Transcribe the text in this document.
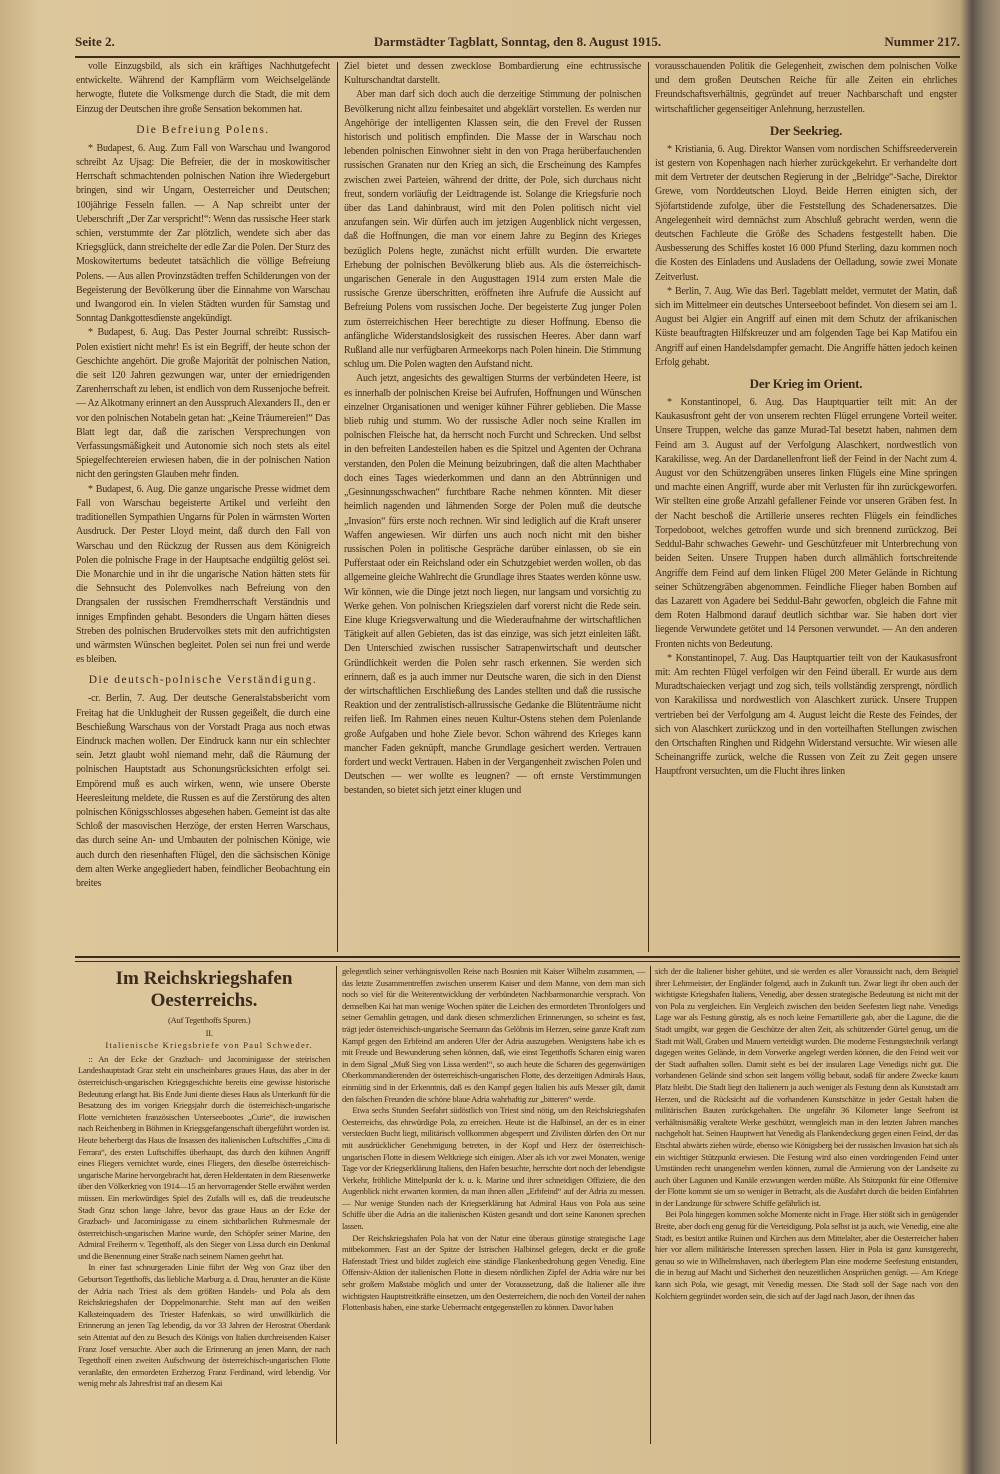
Seite 2.	Darmstädter Tagblatt, Sonntag, den 8. August 1915.	Nummer 217.

volle Einzugsbild, als sich ein kräftiges Nachhutgefecht entwickelte. Während der Kampflärm vom Weichselgelände herwogte, flutete die Volksmenge durch die Stadt, die mit dem Einzug der Deutschen ihre große Sensation bekommen hat.

Die Befreiung Polens.

* Budapest, 6. Aug. Zum Fall von Warschau und Iwangorod schreibt Az Ujsag: Die Befreier, die der in moskowitischer Herrschaft schmachtenden polnischen Nation ihre Wiedergeburt bringen, sind wir Ungarn, Oesterreicher und Deutschen; 100jährige Fesseln fallen. — A Nap schreibt unter der Ueberschrift „Der Zar verspricht!“: Wenn das russische Heer stark schien, verstummte der Zar plötzlich, wendete sich aber das Kriegsglück, dann streichelte der edle Zar die Polen. Der Sturz des Moskowitertums bedeutet tatsächlich die völlige Befreiung Polens. — Aus allen Provinzstädten treffen Schilderungen von der Begeisterung der Bevölkerung über die Einnahme von Warschau und Iwangorod ein. In vielen Städten wurden für Samstag und Sonntag Dankgottesdienste angekündigt.

* Budapest, 6. Aug. Das Pester Journal schreibt: Russisch-Polen existiert nicht mehr! Es ist ein Begriff, der heute schon der Geschichte angehört. Die große Majorität der polnischen Nation, die seit 120 Jahren gezwungen war, unter der erniedrigenden Zarenherrschaft zu leben, ist endlich von dem Russenjoche befreit. — Az Alkotmany erinnert an den Ausspruch Alexanders II., den er vor den polnischen Notabeln getan hat: „Keine Träumereien!“ Das Blatt legt dar, daß die zarischen Versprechungen von Verfassungsmäßigkeit und Autonomie sich noch stets als eitel Spiegelfechtereien erwiesen haben, die in der polnischen Nation nicht den geringsten Glauben mehr finden.

* Budapest, 6. Aug. Die ganze ungarische Presse widmet dem Fall von Warschau begeisterte Artikel und verleiht den traditionellen Sympathien Ungarns für Polen in wärmsten Worten Ausdruck. Der Pester Lloyd meint, daß durch den Fall von Warschau und den Rückzug der Russen aus dem Königreich Polen die polnische Frage in der Hauptsache endgültig gelöst sei. Die Monarchie und in ihr die ungarische Nation hätten stets für die Sehnsucht des Polenvolkes nach Befreiung von den Drangsalen der russischen Fremdherrschaft Verständnis und inniges Empfinden gehabt. Besonders die Ungarn hätten dieses Streben des polnischen Brudervolkes stets mit den aufrichtigsten und wärmsten Wünschen begleitet. Polen sei nun frei und werde es bleiben.

Die deutsch-polnische Verständigung.

-cr. Berlin, 7. Aug. Der deutsche Generalstabsbericht vom Freitag hat die Unklugheit der Russen gegeißelt, die durch eine Beschießung Warschaus von der Vorstadt Praga aus noch etwas Eindruck machen wollen. Der Eindruck kann nur ein schlechter sein. Jetzt glaubt wohl niemand mehr, daß die Räumung der polnischen Hauptstadt aus Schonungsrücksichten erfolgt sei. Empörend muß es auch wirken, wenn, wie unsere Oberste Heeresleitung meldete, die Russen es auf die Zerstörung des alten polnischen Königsschlosses abgesehen haben. Gemeint ist das alte Schloß der masovischen Herzöge, der ersten Herren Warschaus, das durch seine An- und Umbauten der polnischen Könige, wie auch durch den riesenhaften Flügel, den die sächsischen Könige dem alten Werke angegliedert haben, feindlicher Beobachtung ein breites

Ziel bietet und dessen zwecklose Bombardierung eine echtrussische Kulturschandtat darstellt.

Aber man darf sich doch auch die derzeitige Stimmung der polnischen Bevölkerung nicht allzu feinbesaitet und abgeklärt vorstellen. Es werden nur Angehörige der intelligenten Klassen sein, die den Frevel der Russen historisch und politisch empfinden. Die Masse der in Warschau noch lebenden polnischen Einwohner sieht in den von Praga herüberfauchenden russischen Granaten nur den Krieg an sich, die Erscheinung des Kampfes zwischen zwei Parteien, während der dritte, der Pole, sich durchaus nicht freut, sondern vorläufig der Leidtragende ist. Solange die Kriegsfurie noch über das Land dahinbraust, wird mit den Polen politisch nicht viel anzufangen sein. Wir dürfen auch im jetzigen Augenblick nicht vergessen, daß die Hoffnungen, die man vor einem Jahre zu Beginn des Krieges bezüglich Polens hegte, zunächst nicht erfüllt wurden. Die erwartete Erhebung der polnischen Bevölkerung blieb aus. Als die österreichisch-ungarischen Generale in den Augusttagen 1914 zum ersten Male die russische Grenze überschritten, eröffneten ihre Aufrufe die Aussicht auf Befreiung Polens vom russischen Joche. Der begeisterte Zug junger Polen zum österreichischen Heer berechtigte zu dieser Hoffnung. Ebenso die anfängliche Widerstandslosigkeit des russischen Heeres. Aber dann warf Rußland alle nur verfügbaren Armeekorps nach Polen hinein. Die Stimmung schlug um. Die Polen wagten den Aufstand nicht.

Auch jetzt, angesichts des gewaltigen Sturms der verbündeten Heere, ist es innerhalb der polnischen Kreise bei Aufrufen, Hoffnungen und Wünschen einzelner Organisationen und weniger kühner Führer geblieben. Die Masse blieb ruhig und stumm. Wo der russische Adler noch seine Krallen im polnischen Fleische hat, da herrscht noch Furcht und Schrecken. Und selbst in den befreiten Landesteilen haben es die Spitzel und Agenten der Ochrana verstanden, den Polen die Meinung beizubringen, daß die alten Machthaber doch eines Tages wiederkommen und dann an den Abtrünnigen und „Gesinnungsschwachen“ furchtbare Rache nehmen könnten. Mit dieser heimlich nagenden und lähmenden Sorge der Polen muß die deutsche „Invasion“ fürs erste noch rechnen. Wir sind lediglich auf die Kraft unserer Waffen angewiesen. Wir dürfen uns auch noch nicht mit den bisher russischen Polen in politische Gespräche darüber einlassen, ob sie ein Pufferstaat oder ein Reichsland oder ein Schutzgebiet werden wollen, ob das allgemeine gleiche Wahlrecht die Grundlage ihres Staates werden könne usw. Wir können, wie die Dinge jetzt noch liegen, nur langsam und vorsichtig zu Werke gehen. Von polnischen Kriegszielen darf vorerst nicht die Rede sein. Eine kluge Kriegsverwaltung und die Wiederaufnahme der wirtschaftlichen Tätigkeit auf allen Gebieten, das ist das einzige, was sich jetzt einleiten läßt. Den Unterschied zwischen russischer Satrapenwirtschaft und deutscher Gründlichkeit werden die Polen sehr rasch erkennen. Sie werden sich erinnern, daß es ja auch immer nur Deutsche waren, die sich in den Dienst der wirtschaftlichen Erschließung des Landes stellten und daß die russische Reaktion und der zentralistisch-allrussische Gedanke die Blütenträume nicht reifen ließ. Im Rahmen eines neuen Kultur-Ostens stehen dem Polenlande große Aufgaben und hohe Ziele bevor. Schon während des Krieges kann mancher Faden geknüpft, manche Grundlage gesichert werden. Vertrauen fordert und weckt Vertrauen. Haben in der Vergangenheit zwischen Polen und Deutschen — wer wollte es leugnen? — oft ernste Verstimmungen bestanden, so bietet sich jetzt einer klugen und

vorausschauenden Politik die Gelegenheit, zwischen dem polnischen Volke und dem großen Deutschen Reiche für alle Zeiten ein ehrliches Freundschaftsverhältnis, gegründet auf treuer Nachbarschaft und engster wirtschaftlicher gegenseitiger Anlehnung, herzustellen.

Der Seekrieg.

* Kristiania, 6. Aug. Direktor Wansen vom nordischen Schiffsreederverein ist gestern von Kopenhagen nach hierher zurückgekehrt. Er verhandelte dort mit dem Vertreter der deutschen Regierung in der „Belridge“-Sache, Direktor Grewe, vom Norddeutschen Lloyd. Beide Herren einigten sich, der Sjöfartstidende zufolge, über die Feststellung des Schadenersatzes. Die Angelegenheit wird demnächst zum Abschluß gebracht werden, wenn die deutschen Fachleute die Größe des Schadens festgestellt haben. Die Ausbesserung des Schiffes kostet 16 000 Pfund Sterling, dazu kommen noch die Kosten des Einladens und Ausladens der Oelladung, sowie zwei Monate Zeitverlust.

* Berlin, 7. Aug. Wie das Berl. Tageblatt meldet, vermutet der Matin, daß sich im Mittelmeer ein deutsches Unterseeboot befindet. Von diesem sei am 1. August bei Algier ein Angriff auf einen mit dem Schutz der afrikanischen Küste beauftragten Hilfskreuzer und am folgenden Tage bei Kap Matifou ein Angriff auf einen Handelsdampfer gemacht. Die Angriffe hätten jedoch keinen Erfolg gehabt.

Der Krieg im Orient.

* Konstantinopel, 6. Aug. Das Hauptquartier teilt mit: An der Kaukasusfront geht der von unserem rechten Flügel errungene Vorteil weiter. Unsere Truppen, welche das ganze Murad-Tal besetzt haben, nahmen dem Feind am 3. August auf der Verfolgung Alaschkert, nordwestlich von Karakilisse, weg. An der Dardanellenfront ließ der Feind in der Nacht zum 4. August vor den Schützengräben unseres linken Flügels eine Mine springen und machte einen Angriff, wurde aber mit Verlusten für ihn zurückgeworfen. Wir stellten eine große Anzahl gefallener Feinde vor unseren Gräben fest. In der Nacht beschoß die Artillerie unseres rechten Flügels ein feindliches Torpedoboot, welches getroffen wurde und sich brennend zurückzog. Bei Seddul-Bahr schwaches Gewehr- und Geschützfeuer mit Unterbrechung von beiden Seiten. Unsere Truppen haben durch allmählich fortschreitende Angriffe dem Feind auf dem linken Flügel 200 Meter Gelände in Richtung seiner Schützengräben abgenommen. Feindliche Flieger haben Bomben auf das Lazarett von Agadere bei Seddul-Bahr geworfen, obgleich die Fahne mit dem Roten Halbmond darauf deutlich sichtbar war. Sie haben dort vier liegende Verwundete getötet und 14 Personen verwundet. — An den anderen Fronten nichts von Bedeutung.

* Konstantinopel, 7. Aug. Das Hauptquartier teilt von der Kaukasusfront mit: Am rechten Flügel verfolgen wir den Feind überall. Er wurde aus dem Muradtschaiecken verjagt und zog sich, teils vollständig zersprengt, nördlich von Karakilissa und nordwestlich von Alaschkert zurück. Unsere Truppen vertrieben bei der Verfolgung am 4. August leicht die Reste des Feindes, der sich von Alaschkert zurückzog und in den vorteilhaften Stellungen zwischen den Ortschaften Ringhen und Ridgehn Widerstand versuchte. Wir wiesen alle Scheinangriffe zurück, welche die Russen von Zeit zu Zeit gegen unsere Hauptfront versuchten, um die Flucht ihres linken

Im Reichskriegshafen Oesterreichs.

(Auf Tegetthoffs Spuren.)

II.

Italienische Kriegsbriefe von Paul Schweder.

:: An der Ecke der Grazbach- und Jacominigasse der steirischen Landeshauptstadt Graz steht ein unscheinbares graues Haus, das aber in der österreichisch-ungarischen Kriegsgeschichte bereits eine gewisse historische Bedeutung erlangt hat. Bis Ende Juni diente dieses Haus als Unterkunft für die Besatzung des im vorigen Kriegsjahr durch die österreichisch-ungarische Flotte vernichteten französischen Unterseebootes „Curie“, die inzwischen nach Reichenberg in Böhmen in Kriegsgefangenschaft übergeführt worden ist. Heute beherbergt das Haus die Insassen des italienischen Luftschiffes „Citta di Ferrara“, des ersten Luftschiffes überhaupt, das durch den kühnen Angriff eines Fliegers vernichtet wurde, eines Fliegers, den dieselbe österreichisch-ungarische Marine hervorgebracht hat, deren Heldentaten in dem Riesenwerke über den Völkerkrieg von 1914—15 an hervorragender Stelle erwähnt werden müssen. Ein merkwürdiges Spiel des Zufalls will es, daß die treudeutsche Stadt Graz schon lange Jahre, bevor das graue Haus an der Ecke der Grazbach- und Jacominigasse zu einem sichtbarlichen Ruhmesmale der österreichisch-ungarischen Marine wurde, den Schöpfer seiner Marine, den Admiral Freiherrn v. Tegetthoff, als den Sieger von Lissa durch ein Denkmal und die Benennung einer Straße nach seinem Namen geehrt hat.

In einer fast schnurgeraden Linie führt der Weg von Graz über den Geburtsort Tegetthoffs, das liebliche Marburg a. d. Drau, herunter an die Küste der Adria nach Triest als dem größten Handels- und Pola als dem Reichskriegshafen der Doppelmonarchie. Steht man auf den weißen Kalksteinquadern des Triester Hafenkais, so wird unwillkürlich die Erinnerung an jenen Tag lebendig, da vor 33 Jahren der Herostrat Oberdank sein Attentat auf den zu Besuch des Königs von Italien durchreisenden Kaiser Franz Josef versuchte. Aber auch die Erinnerung an jenen Mann, der nach Tegetthoff einen zweiten Aufschwung der österreichisch-ungarischen Flotte veranlaßte, den ermordeten Erzherzog Franz Ferdinand, wird lebendig. Vor wenig mehr als Jahresfrist traf an diesem Kai

gelegentlich seiner verhängnisvollen Reise nach Bosnien mit Kaiser Wilhelm zusammen, — das letzte Zusammentreffen zwischen unserem Kaiser und dem Manne, von dem man sich noch so viel für die Weiterentwicklung der verbündeten Nachbarmonarchie versprach. Von demselben Kai hat man wenige Wochen später die Leichen des ermordeten Thronfolgers und seiner Gemahlin getragen, und dank diesen schmerzlichen Erinnerungen, so scheint es fast, trägt jeder österreichisch-ungarische Seemann das Gelöbnis im Herzen, seine ganze Kraft zum Kampf gegen den Erbfeind am anderen Ufer der Adria auszugeben. Wenigstens habe ich es mit Freude und Bewunderung sehen können, daß, wie einst Tegetthoffs Scharen einig waren in dem Signal „Muß Sieg von Lissa werden!“, so auch heute die Scharen des gegenwärtigen Oberkommandierenden der österreichisch-ungarischen Flotte, des derzeitigen Admirals Haus, einmütig sind in der Erkenntnis, daß es den Kampf gegen Italien bis aufs Messer gilt, damit den falschen Freunden die schöne blaue Adria wahrhaftig zur „bitteren“ werde.

Etwa sechs Stunden Seefahrt südöstlich von Triest sind nötig, um den Reichskriegshafen Oesterreichs, das ehrwürdige Pola, zu erreichen. Heute ist die Halbinsel, an der es in einer versteckten Bucht liegt, militärisch vollkommen abgesperrt und Zivilisten dürfen den Ort nur mit ausdrücklicher Genehmigung betreten, in der Kopf und Herz der österreichisch-ungarischen Flotte in diesem Weltkriege sich einigen. Aber als ich vor zwei Monaten, wenige Tage vor der Kriegserklärung Italiens, den Hafen besuchte, herrschte dort noch der lebendigste Verkehr, fröhliche Mittelpunkt der k. u. k. Marine und ihrer schneidigen Offiziere, die den Augenblick nicht erwarten konnten, da man ihnen allen „Erbfeind“ auf der Adria zu messen. — Nur wenige Stunden nach der Kriegserklärung hat Admiral Haus von Pola aus seine Schiffe über die Adria an die italienischen Küsten gesandt und dort seine Kanonen sprechen lassen.

Der Reichskriegshafen Pola hat von der Natur eine überaus günstige strategische Lage mitbekommen. Fast an der Spitze der Istrischen Halbinsel gelegen, deckt er die große Hafenstadt Triest und bildet zugleich eine ständige Flankenbedrohung gegen Venedig. Eine Offensiv-Aktion der italienischen Flotte in diesem nördlichen Zipfel der Adria wäre nur bei sehr großem Maßstabe möglich und unter der Voraussetzung, daß die Italiener alle ihre wichtigsten Hauptstreitkräfte einsetzen, um den Oesterreichern, die noch den Vorteil der nahen Flottenbasis haben, eine starke Uebermacht entgegenstellen zu können. Davor haben

sich der die Italiener bisher gehütet, und sie werden es aller Voraussicht nach, dem Beispiel ihrer Lehrmeister, der Engländer folgend, auch in Zukunft tun. Zwar liegt ihr oben auch der wichtigste Kriegshafen Italiens, Venedig, aber dessen strategische Bedeutung ist nicht mit der von Pola zu vergleichen. Ein Vergleich zwischen den beiden Seefesten liegt nahe. Venedigs Lage war als Festung günstig, als es noch keine Fernartillerie gab, aber die Lagune, die die Stadt umgibt, war gegen die Geschütze der alten Zeit, als schützender Gürtel genug, um die Stadt mit Wall, Graben und Mauern verteidigt wurden. Die moderne Festungstechnik verlangt dagegen weites Gelände, in dem Vorwerke angelegt werden können, die den Feind weit vor der Stadt aufhalten sollen. Damit steht es bei der insularen Lage Venedigs nicht gut. Die vorhandenen Gelände sind schon seit langem völlig bebaut, sodaß für andere Zwecke kaum Platz bleibt. Die Stadt liegt den Italienern ja auch weniger als Festung denn als Kunststadt am Herzen, und die Rücksicht auf die vorhandenen Kunstschätze in jeder Gestalt haben die militärischen Bauten zurückgehalten. Die ungefähr 36 Kilometer lange Seefront ist verhältnismäßig veraltete Werke geschützt, wenngleich man in den letzten Jahren manches nachgeholt hat. Seinen Hauptwert hat Venedig als Flankendeckung gegen einen Feind, der das Etschtal abwärts ziehen würde, ebenso wie Königsberg bei der russischen Invasion hat sich als ein wichtiger Stützpunkt erwiesen. Die Festung wird also einen vordringenden Feind unter Umständen recht unangenehm werden können, zumal die Armierung von der Landseite zu auch über Lagunen und Kanäle erzwungen werden müßte. Als Stützpunkt für eine Offensive der Flotte kommt sie um so weniger in Betracht, als die Ausfahrt durch die beiden Einfahrten in der Landzunge für schwere Schiffe gefährlich ist.

Bei Pola hingegen kommen solche Momente nicht in Frage. Hier stößt sich in genügender Breite, aber doch eng genug für die Verteidigung. Pola selbst ist ja auch, wie Venedig, eine alte Stadt, es besitzt antike Ruinen und Kirchen aus dem Mittelalter, aber die Oesterreicher haben hier vor allem militärische Interessen sprechen lassen. Hier in Pola ist ganz kunstgerecht, genau so wie in Wilhelmshaven, nach überlegtem Plan eine moderne Seefestung entstanden, die in bezug auf Macht und Sicherheit den neuzeitlichen Ansprüchen genügt. — Am Kriege kann sich Pola, wie gesagt, mit Venedig messen. Die Stadt soll der Sage nach von den Kolchiern gegründet worden sein, die sich auf der Jagd nach Jason, der ihnen das
